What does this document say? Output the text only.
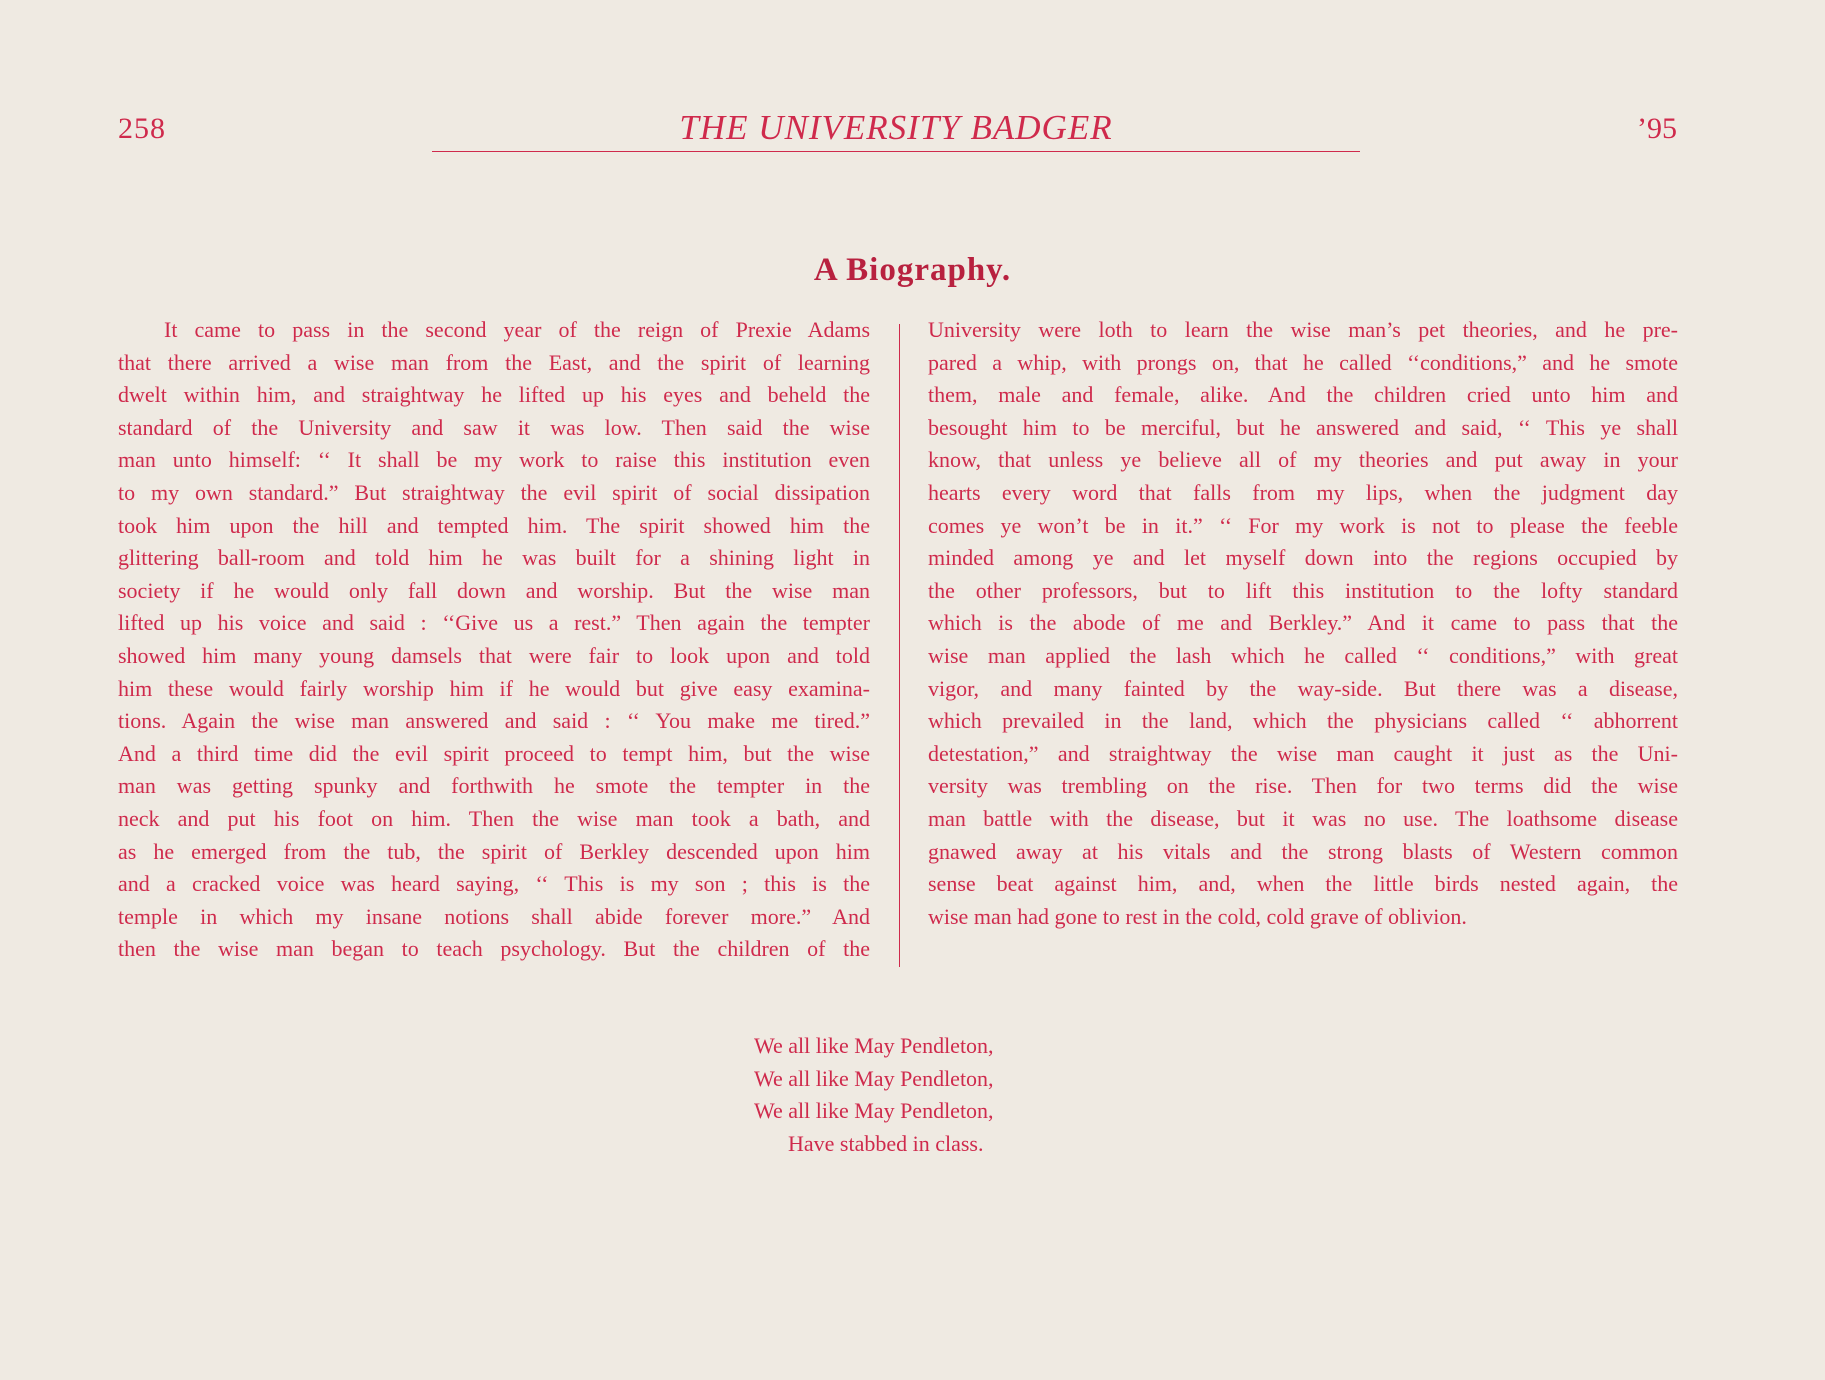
258	THE UNIVERSITY BADGER	’95
A Biography.
It came to pass in the second year of the reign of Prexie Adams
that there arrived a wise man from the East, and the spirit of learning
dwelt within him, and straightway he lifted up his eyes and beheld the
standard of the University and saw it was low. Then said the wise
man unto himself: ‘‘ It shall be my work to raise this institution even
to my own standard.” But straightway the evil spirit of social dissipation
took him upon the hill and tempted him. The spirit showed him the
glittering ball-room and told him he was built for a shining light in
society if he would only fall down and worship. But the wise man
lifted up his voice and said : ‘‘Give us a rest.” Then again the tempter
showed him many young damsels that were fair to look upon and told
him these would fairly worship him if he would but give easy examina-
tions. Again the wise man answered and said : ‘‘ You make me tired.”
And a third time did the evil spirit proceed to tempt him, but the wise
man was getting spunky and forthwith he smote the tempter in the
neck and put his foot on him. Then the wise man took a bath, and
as he emerged from the tub, the spirit of Berkley descended upon him
and a cracked voice was heard saying, ‘‘ This is my son ; this is the
temple in which my insane notions shall abide forever more.” And
then the wise man began to teach psychology. But the children of the
University were loth to learn the wise man’s pet theories, and he pre-
pared a whip, with prongs on, that he called ‘‘conditions,” and he smote
them, male and female, alike. And the children cried unto him and
besought him to be merciful, but he answered and said, ‘‘ This ye shall
know, that unless ye believe all of my theories and put away in your
hearts every word that falls from my lips, when the judgment day
comes ye won’t be in it.” ‘‘ For my work is not to please the feeble
minded among ye and let myself down into the regions occupied by
the other professors, but to lift this institution to the lofty standard
which is the abode of me and Berkley.” And it came to pass that the
wise man applied the lash which he called ‘‘ conditions,” with great
vigor, and many fainted by the way-side. But there was a disease,
which prevailed in the land, which the physicians called ‘‘ abhorrent
detestation,” and straightway the wise man caught it just as the Uni-
versity was trembling on the rise. Then for two terms did the wise
man battle with the disease, but it was no use. The loathsome disease
gnawed away at his vitals and the strong blasts of Western common
sense beat against him, and, when the little birds nested again, the
wise man had gone to rest in the cold, cold grave of oblivion.
We all like May Pendleton,
We all like May Pendleton,
We all like May Pendleton,
Have stabbed in class.
